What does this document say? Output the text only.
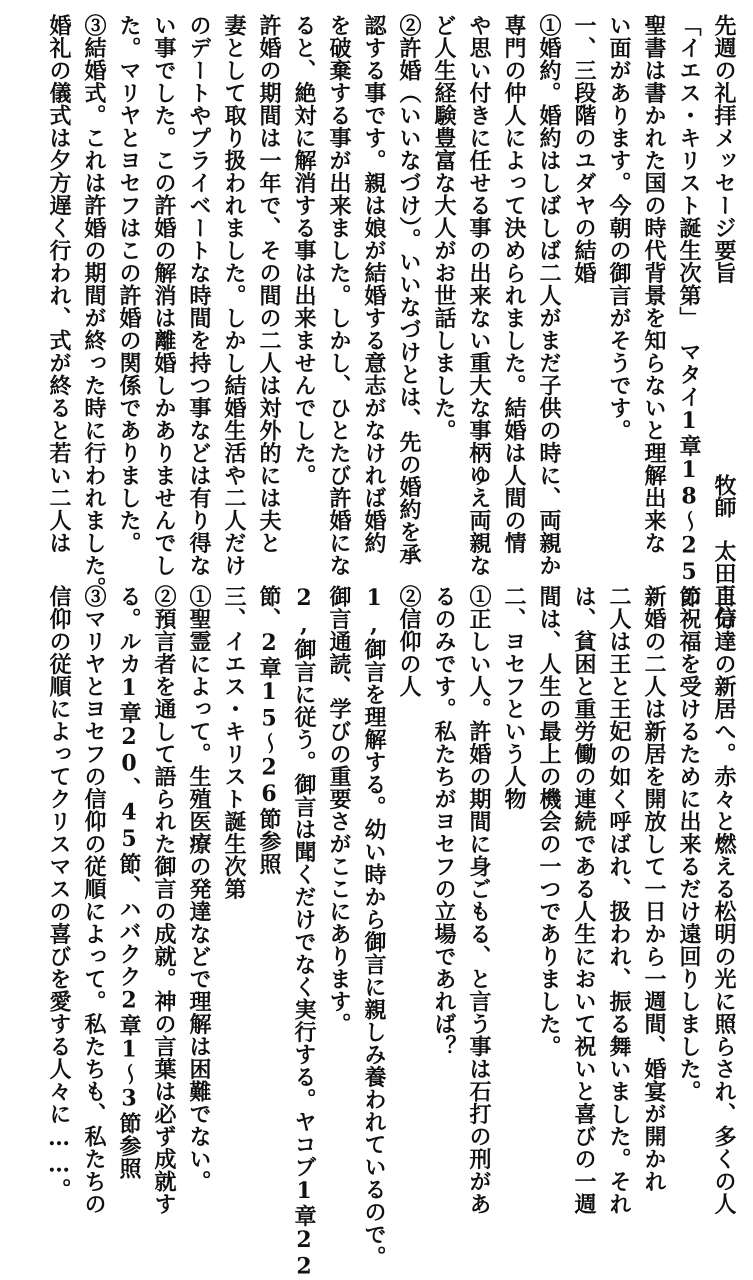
先週の礼拝メッセージ要旨
「イエス・キリスト誕生次第」　マタイ1章18〜25節
聖書は書かれた国の時代背景を知らないと理解出来な
い面があります。今朝の御言がそうです。
一、三段階のユダヤの結婚
①婚約。婚約はしばしば二人がまだ子供の時に、両親か
専門の仲人によって決められました。結婚は人間の情
や思い付きに任せる事の出来ない重大な事柄ゆえ両親な
ど人生経験豊富な大人がお世話しました。
②許婚（いいなづけ）。いいなづけとは、先の婚約を承
認する事です。親は娘が結婚する意志がなければ婚約
を破棄する事が出来ました。しかし、ひとたび許婚にな
ると、絶対に解消する事は出来ませんでした。
許婚の期間は一年で、その間の二人は対外的には夫と
妻として取り扱われました。しかし結婚生活や二人だけ
のデートやプライベートな時間を持つ事などは有り得な
い事でした。この許婚の解消は離婚しかありませんでし
た。マリヤとヨセフはこの許婚の関係でありました。
③結婚式。これは許婚の期間が終った時に行われました。
婚礼の儀式は夕方遅く行われ、式が終ると若い二人は	牧師　太田正信
自分達の新居へ。赤々と燃える松明の光に照らされ、多くの人
の祝福を受けるために出来るだけ遠回りしました。
新婚の二人は新居を開放して一日から一週間、婚宴が開かれ
二人は王と王妃の如く呼ばれ、扱われ、振る舞いました。それ
は、貧困と重労働の連続である人生において祝いと喜びの一週
間は、人生の最上の機会の一つでありました。
二、ヨセフという人物
①正しい人。許婚の期間に身ごもる、と言う事は石打の刑があ
るのみです。私たちがヨセフの立場であれば？
②信仰の人
1,御言を理解する。幼い時から御言に親しみ養われているので。
御言通読、学びの重要さがここにあります。
2,御言に従う。御言は聞くだけでなく実行する。ヤコブ1章22
節、2章15〜26節参照
三、イエス・キリスト誕生次第
①聖霊によって。生殖医療の発達などで理解は困難でない。
②預言者を通して語られた御言の成就。神の言葉は必ず成就す
る。ルカ1章20、45節、ハバクク2章1〜3節参照
③マリヤとヨセフの信仰の従順によって。私たちも、私たちの
信仰の従順によってクリスマスの喜びを愛する人々に……。
